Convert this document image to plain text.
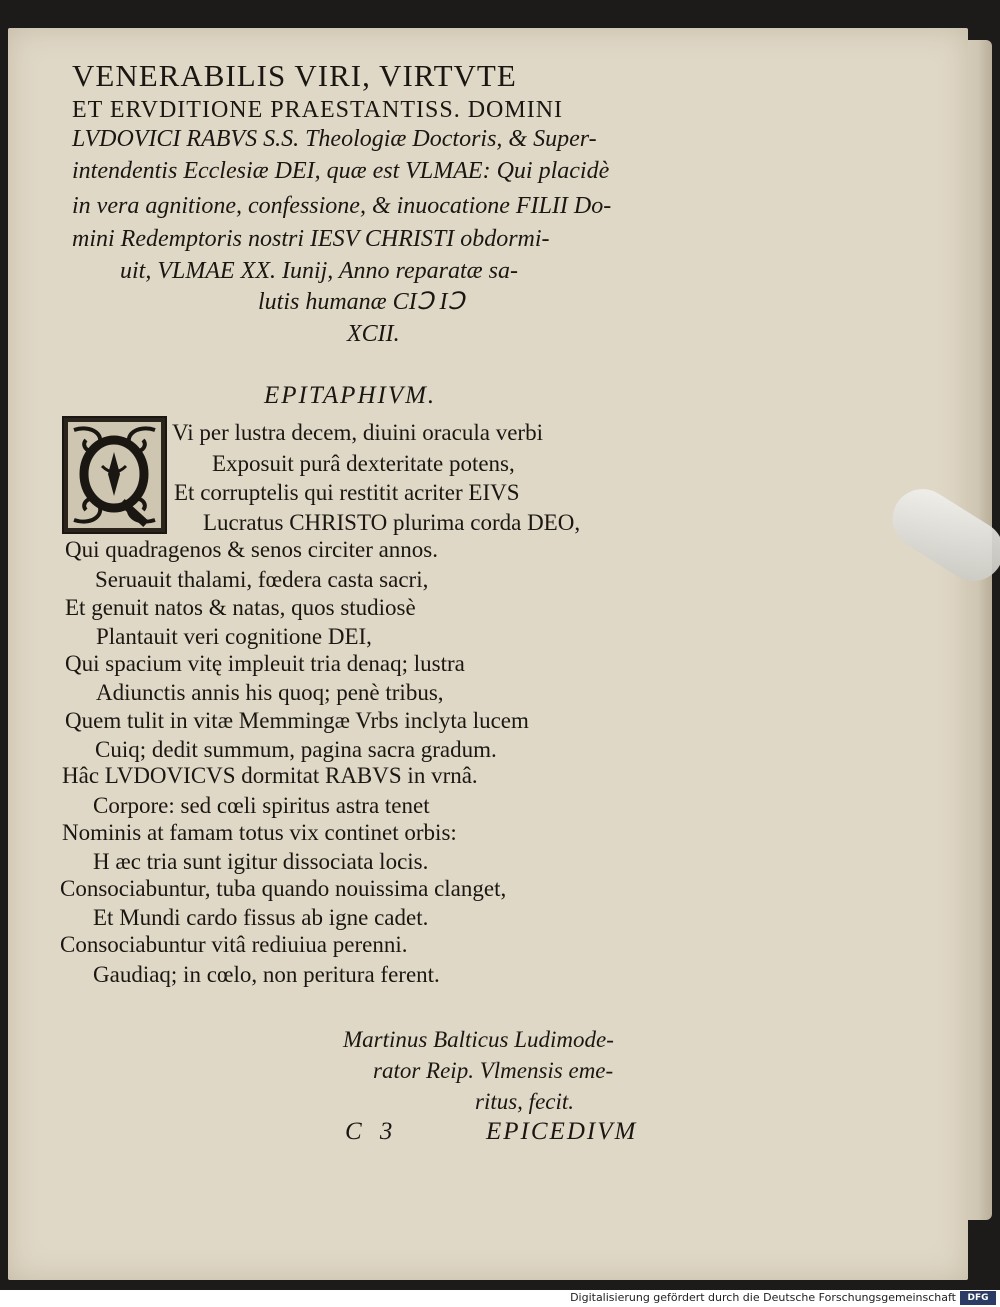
VENERABILIS VIRI, VIRTVTE
ET ERVDITIONE PRAESTANTISS. DOMINI
LVDOVICI RABVS S.S. Theologiæ Doctoris, & Super-
intendentis Ecclesiæ DEI, quæ est VLMAE: Qui placidè
in vera agnitione, confessione, & inuocatione FILII Do-
mini Redemptoris nostri IESV CHRISTI obdormi-
uit, VLMAE XX. Iunij, Anno reparatæ sa-
lutis humanæ CIↃ IↃ
XCII.
EPITAPHIVM.
Vi per lustra decem, diuini oracula verbi
Exposuit purâ dexteritate potens,
Et corruptelis qui restitit acriter EIVS
Lucratus CHRISTO plurima corda DEO,
Qui quadragenos & senos circiter annos.
Seruauit thalami, fœdera casta sacri,
Et genuit natos & natas, quos studiosè
Plantauit veri cognitione DEI,
Qui spacium vitę impleuit tria denaq; lustra
Adiunctis annis his quoq; penè tribus,
Quem tulit in vitæ Memmingæ Vrbs inclyta lucem
Cuiq; dedit summum, pagina sacra gradum.
Hâc LVDOVICVS dormitat RABVS in vrnâ.
Corpore: sed cœli spiritus astra tenet
Nominis at famam totus vix continet orbis:
H æc tria sunt igitur dissociata locis.
Consociabuntur, tuba quando nouissima clanget,
Et Mundi cardo fissus ab igne cadet.
Consociabuntur vitâ rediuiua perenni.
Gaudiaq; in cœlo, non peritura ferent.
Martinus Balticus Ludimode-
rator Reip. Vlmensis eme-
ritus, fecit.
C 3	EPICEDIVM
Digitalisierung gefördert durch die Deutsche Forschungsgemeinschaft	DFG
